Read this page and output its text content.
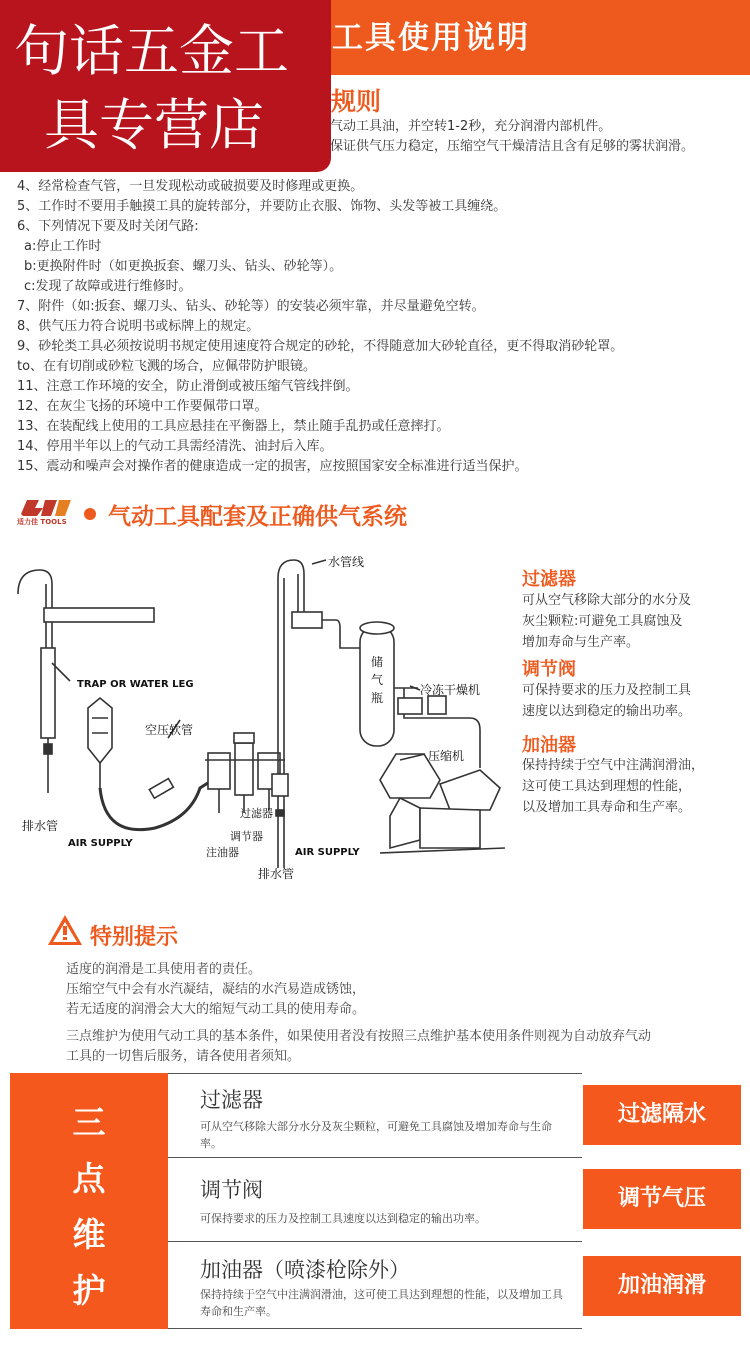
工具使用说明
句话五金工
具专营店	规则
气动工具油，并空转1-2秒，充分润滑内部机件。
保证供气压力稳定，压缩空气干燥清洁且含有足够的雾状润滑。
4、经常检查气管，一旦发现松动或破损要及时修理或更换。
5、工作时不要用手触摸工具的旋转部分，并要防止衣服、饰物、头发等被工具缠绕。
6、下列情况下要及时关闭气路:
a:停止工作时
b:更换附件时（如更换扳套、螺刀头、钻头、砂轮等）。
c:发现了故障或进行维修时。
7、附件（如:扳套、螺刀头、钻头、砂轮等）的安装必须牢靠，并尽量避免空转。
8、供气压力符合说明书或标牌上的规定。
9、砂轮类工具必须按说明书规定使用速度符合规定的砂轮，不得随意加大砂轮直径，更不得取消砂轮罩。
to、在有切削或砂粒飞溅的场合，应佩带防护眼镜。
11、注意工作环境的安全，防止滑倒或被压缩气管线拌倒。
12、在灰尘飞扬的环境中工作要佩带口罩。
13、在装配线上使用的工具应悬挂在平衡器上，禁止随手乱扔或任意摔打。
14、停用半年以上的气动工具需经清洗、油封后入库。
15、震动和噪声会对操作者的健康造成一定的损害，应按照国家安全标准进行适当保护。
适力佳 TOOLS 气动工具配套及正确供气系统
水管线
TRAP OR WATER LEG
空压软管
冷冻干燥机
压缩机
排水管
AIR SUPPLY
过滤器
调节器
注油器	AIR SUPPLY
排水管
储
气
瓶
过滤器
可从空气移除大部分的水分及
灰尘颗粒:可避免工具腐蚀及
增加寿命与生产率。
调节阀
可保持要求的压力及控制工具
速度以达到稳定的输出功率。
加油器
保持持续于空气中注满润滑油，
这可使工具达到理想的性能，
以及增加工具寿命和生产率。
特别提示
适度的润滑是工具使用者的责任。
压缩空气中会有水汽凝结，凝结的水汽易造成锈蚀，
若无适度的润滑会大大的缩短气动工具的使用寿命。
三点维护为使用气动工具的基本条件，如果使用者没有按照三点维护基本使用条件则视为自动放弃气动
工具的一切售后服务，请各使用者须知。
三点维护
过滤器
可从空气移除大部分水分及灰尘颗粒，可避免工具腐蚀及增加寿命与生命率。
过滤隔水
调节阀
可保持要求的压力及控制工具速度以达到稳定的输出功率。
调节气压
加油器（喷漆枪除外）
保持持续于空气中注满润滑油，这可使工具达到理想的性能，以及增加工具寿命和生产率。
加油润滑
